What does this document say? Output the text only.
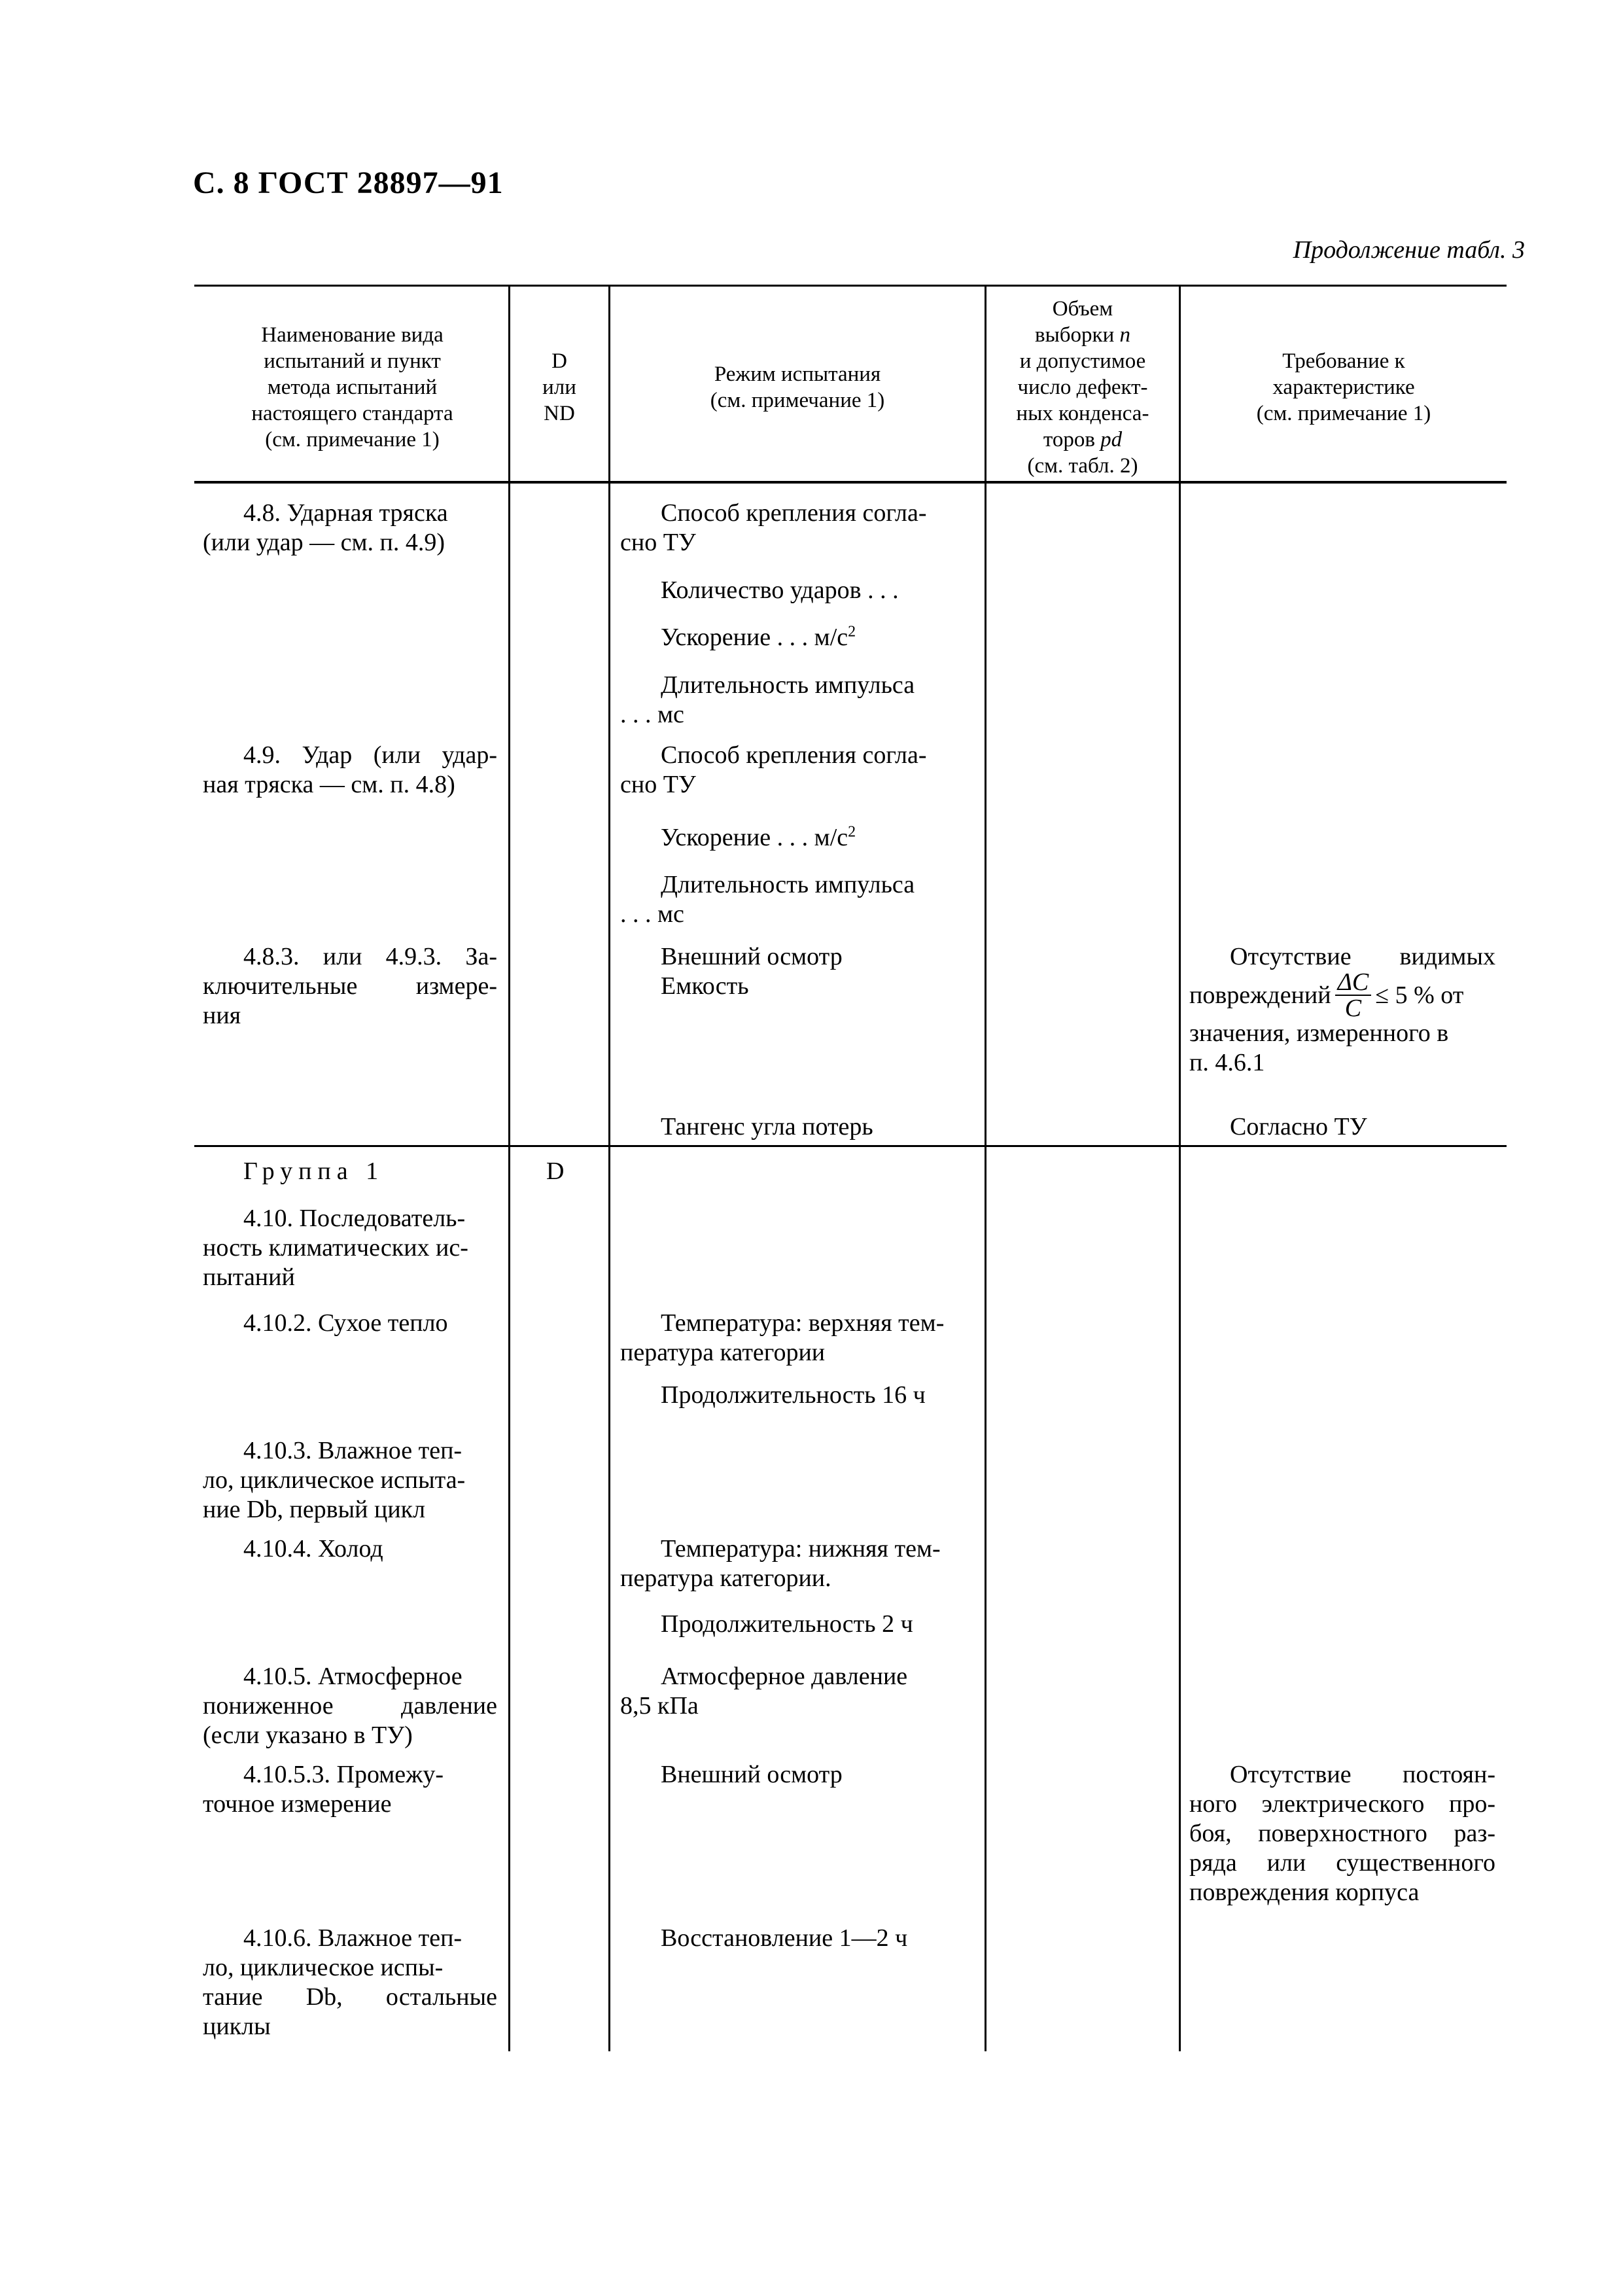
С. 8 ГОСТ 28897—91
Продолжение табл. 3
Наименование вида
испытаний и пункт
метода испытаний
настоящего стандарта
(см. примечание 1)
D
или
ND
Режим испытания
(см. примечание 1)
Объем
выборки n
и допустимое
число дефект-
ных конденса-
торов pd
(см. табл. 2)
Требование к
характеристике
(см. примечание 1)
4.8. Ударная тряска
(или удар — см. п. 4.9)
4.9. Удар (или удар-
ная тряска — см. п. 4.8)
4.8.3. или 4.9.3. За-
ключительные измере-
ния
Способ крепления согла-
сно ТУ
Количество ударов . . .
Ускорение . . . $м/с^2$
Длительность импульса
. . . мс
Способ крепления согла-
сно ТУ
Ускорение . . . $м/с^2$
Длительность импульса
. . . мс
Внешний осмотр
Емкость
Тангенс угла потерь
Отсутствие видимых
повреждений $\frac{\Delta C}{C} \le 5$ % от
значения, измеренного в
п. 4.6.1
Согласно ТУ
Группа 1	D
4.10. Последователь-
ность климатических ис-
пытаний
4.10.2. Сухое тепло
4.10.3. Влажное теп-
ло, циклическое испыта-
ние Db, первый цикл
4.10.4. Холод
4.10.5. Атмосферное
пониженное давление
(если указано в ТУ)
4.10.5.3. Промежу-
точное измерение
4.10.6. Влажное теп-
ло, циклическое испы-
тание Db, остальные
циклы
Температура: верхняя тем-
пература категории
Продолжительность 16 ч
Температура: нижняя тем-
пература категории.
Продолжительность 2 ч
Атмосферное давление
8,5 кПа
Внешний осмотр
Восстановление 1—2 ч
Отсутствие постоян-
ного электрического про-
боя, поверхностного раз-
ряда или существенного
повреждения корпуса
